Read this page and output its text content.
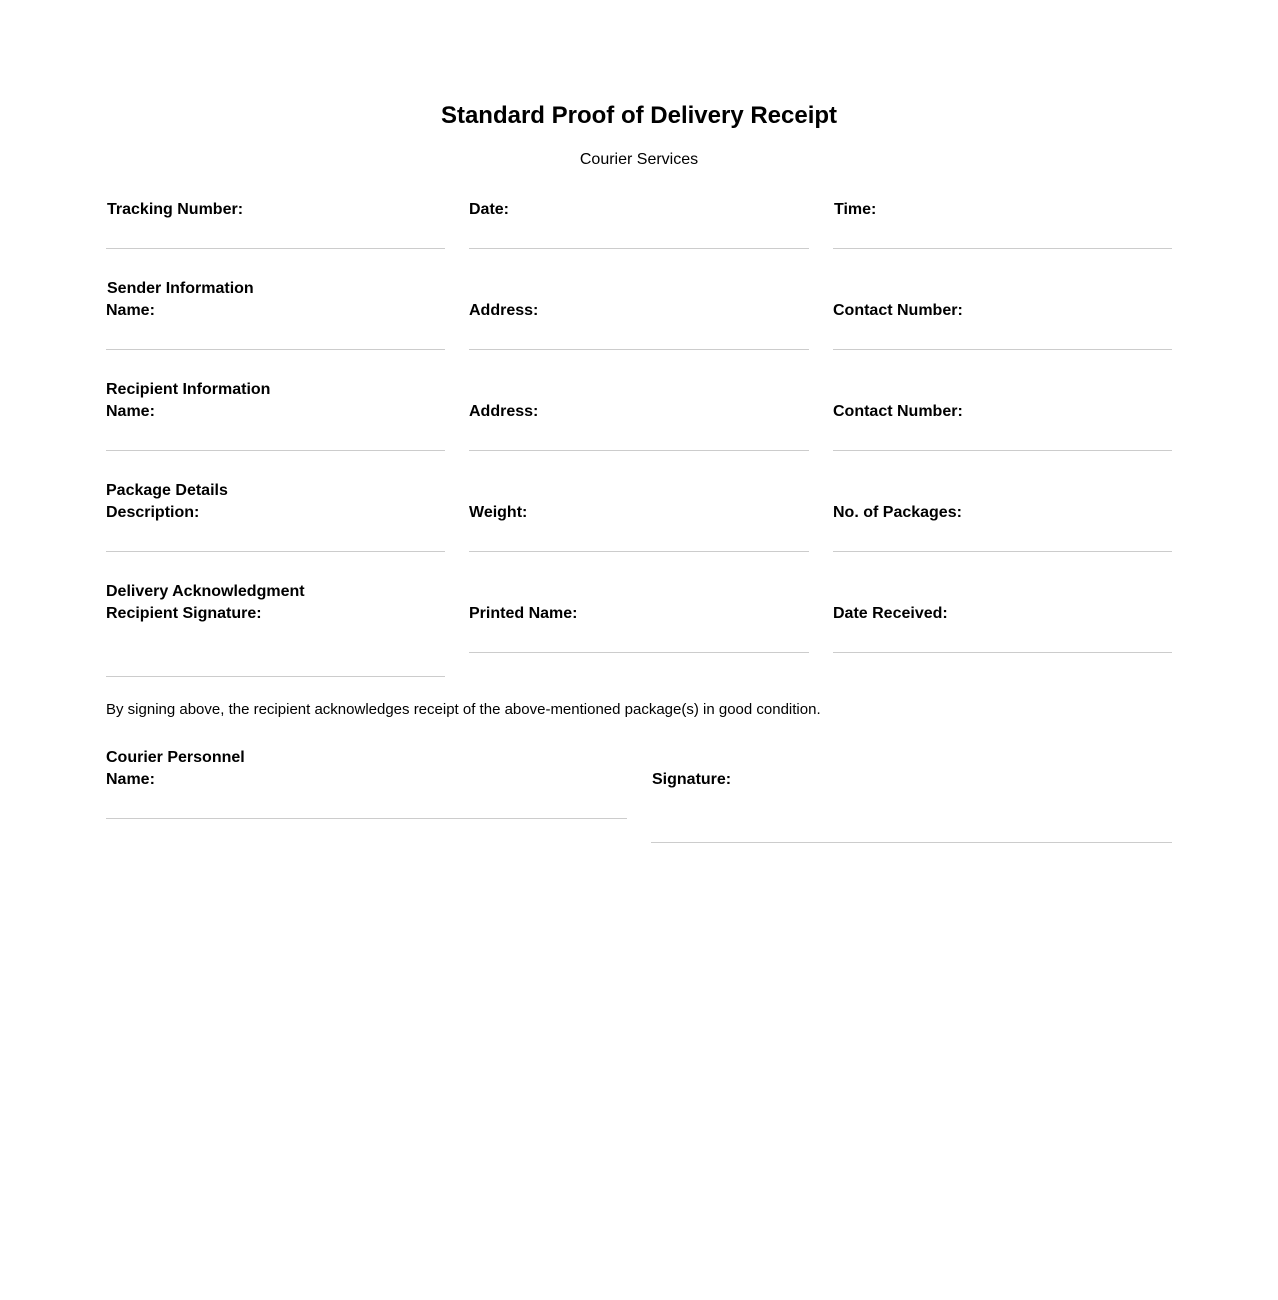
Standard Proof of Delivery Receipt
Courier Services
Tracking Number:	Date:	Time:
Sender Information
Name:	Address:	Contact Number:
Recipient Information
Name:	Address:	Contact Number:
Package Details
Description:	Weight:	No. of Packages:
Delivery Acknowledgment
Recipient Signature:	Printed Name:	Date Received:
By signing above, the recipient acknowledges receipt of the above-mentioned package(s) in good condition.
Courier Personnel
Name:	Signature:
